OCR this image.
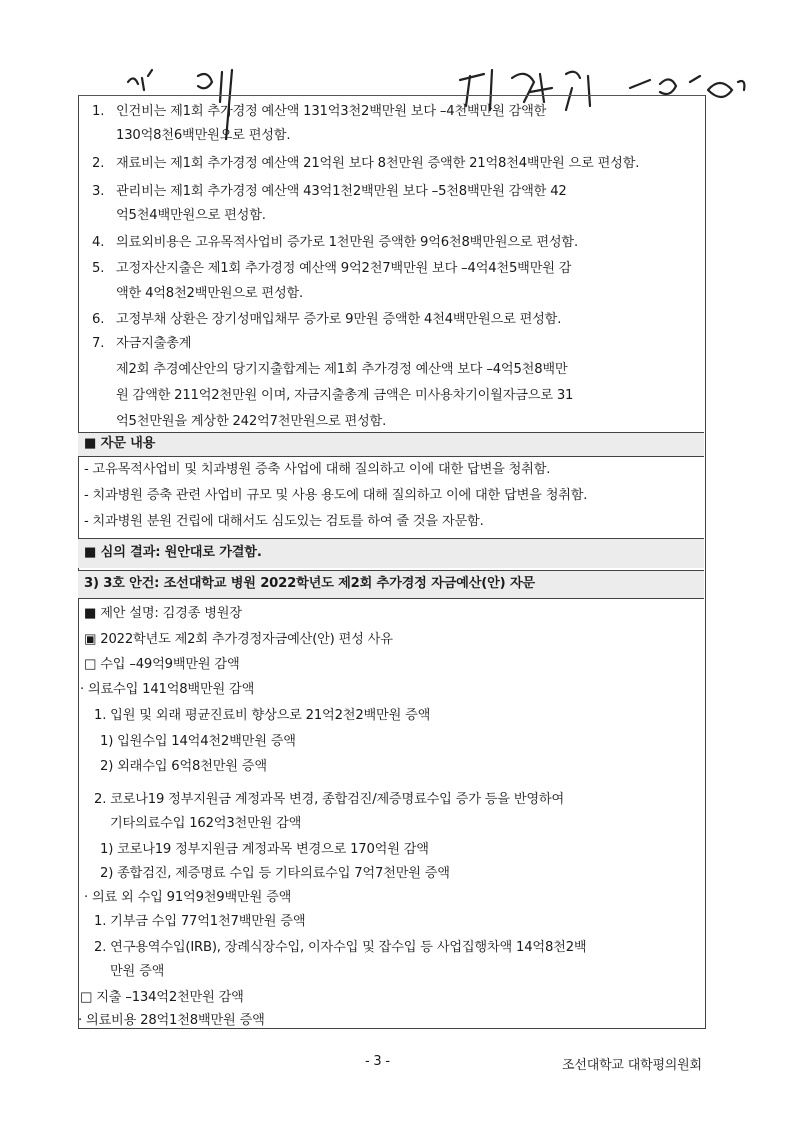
1. 인건비는 제1회 추가경정 예산액 131억3천2백만원 보다 –4천백만원 감액한
130억8천6백만원으로 편성함.
2. 재료비는 제1회 추가경정 예산액 21억원 보다 8천만원 증액한 21억8천4백만원 으로 편성함.
3. 관리비는 제1회 추가경정 예산액 43억1천2백만원 보다 –5천8백만원 감액한 42
억5천4백만원으로 편성함.
4. 의료외비용은 고유목적사업비 증가로 1천만원 증액한 9억6천8백만원으로 편성함.
5. 고정자산지출은 제1회 추가경정 예산액 9억2천7백만원 보다 –4억4천5백만원 감
액한 4억8천2백만원으로 편성함.
6. 고정부채 상환은 장기성매입채무 증가로 9만원 증액한 4천4백만원으로 편성함.
7. 자금지출총계
제2회 추경예산안의 당기지출합계는 제1회 추가경정 예산액 보다 –4억5천8백만
원 감액한 211억2천만원 이며, 자금지출총계 금액은 미사용차기이월자금으로 31
억5천만원을 계상한 242억7천만원으로 편성함.
■ 자문 내용
- 고유목적사업비 및 치과병원 증축 사업에 대해 질의하고 이에 대한 답변을 청취함.
- 치과병원 증축 관련 사업비 규모 및 사용 용도에 대해 질의하고 이에 대한 답변을 청취함.
- 치과병원 분원 건립에 대해서도 심도있는 검토를 하여 줄 것을 자문함.
■ 심의 결과: 원안대로 가결함.
3) 3호 안건: 조선대학교 병원 2022학년도 제2회 추가경정 자금예산(안) 자문
■ 제안 설명: 김경종 병원장
▣ 2022학년도 제2회 추가경정자금예산(안) 편성 사유
□ 수입 –49억9백만원 감액
· 의료수입 141억8백만원 감액
1. 입원 및 외래 평균진료비 향상으로 21억2천2백만원 증액
1) 입원수입 14억4천2백만원 증액
2) 외래수입 6억8천만원 증액
2. 코로나19 정부지원금 계정과목 변경, 종합검진/제증명료수입 증가 등을 반영하여
기타의료수입 162억3천만원 감액
1) 코로나19 정부지원금 계정과목 변경으로 170억원 감액
2) 종합검진, 제증명료 수입 등 기타의료수입 7억7천만원 증액
· 의료 외 수입 91억9천9백만원 증액
1. 기부금 수입 77억1천7백만원 증액
2. 연구용역수입(IRB), 장례식장수입, 이자수입 및 잡수입 등 사업집행차액 14억8천2백
만원 증액
□ 지출 –134억2천만원 감액
· 의료비용 28억1천8백만원 증액
- 3 -	조선대학교 대학평의원회
